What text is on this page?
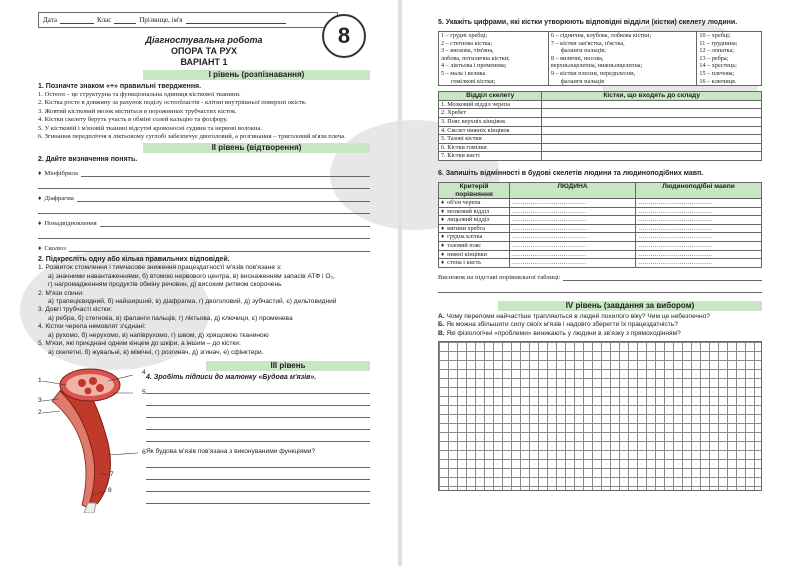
Дата	Клас	Прізвище, ім'я
8
Діагностувальна робота
ОПОРА ТА РУХ
ВАРІАНТ 1
I рівень (розпізнавання)
1. Позначте знаком «+» правильні твердження.
1. Остеон – це структурна та функціональна одиниця кісткової тканини.
2. Кістка росте в довжину за рахунок поділу остеобластів - клітин внутрішньої поверхні окістя.
3. Жовтий кістковий мозок міститься в порожнинах трубчастих кісток.
4. Кістки скелету беруть участь в обміні солей кальцію та фосфору.
5. У кістковій і м'язовій тканині відсутні кровоносні судини та нервові волокна.
6. Згинання передпліччя в ліктьовому суглобі забезпечує двоголовий, а розгинання – триголовий м'язи плеча.
II рівень (відтворення)
2. Дайте визначення понять.
♦ Міофібрила
♦ Діафрагма
♦ Понадвідновлення
♦ Сколіоз
2. Підкресліть одну або кілька правильних відповідей.
1. Розвиток стомлення і тимчасове зниження працездатності м'язів пов'язане з:
а) значними навантаженнями, б) втомою нервового центра, в) виснаженням запасів АТФ і O₂,
г) нагромадженням продуктів обміну речовин, д) високим ритмом скорочень
2. М'язи спини:
а) трапецієвидний, б) найширший, в) діафрагма, г) двоголовий, д) зубчастий, є) дельтовидний
3. Довгі трубчасті кістки:
а) ребра, б) стегнова, в) фаланги пальців, г) ліктьова, д) ключиця, є) променева
4. Кістки черепа немовлят з'єднані:
а) рухомо, б) нерухомо, в) напіврухомо, г) швом, д) хрящовою тканиною
5. М'язи, які приєднані одним кінцем до шкіри, а іншим – до кістки:
а) скелетні, б) жувальні, в) мімічні, г) розгинач, д) згинач, е) сфінктери.
4
1
3
2
5
6
7
8
III рівень
4. Зробіть підписи до малюнку «Будова м'язів».
Як будова м'язів пов'язана з виконуваними функціями?
5. Укажіть цифрами, які кістки утворюють відповідні відділи (кістки) скелету людини.
1 – грудні хребці;
2 – стегнова кістка;
3 – вискова, тім'яна,
лобова, потилична кістки;
4 – ліктьова і променева;
5 – мала і велика
гомілкові кістки;

6 – сіднична, клубова, лобкова кістки;
7 – кістки зап'ястка, п'ястка,
фаланги пальців;
8 – виличні, носова,
верхньощелепна, нижньощелепна;
9 – кістки плесни, передплесни,
фаланги пальців

10 – хребці;
11 – груднина;
12 – лопатка;
13 – ребра;
14 – хрестець;
15 – плечова;
16 – ключиця.
Відділ скелету	Кістки, що входять до складу
1. Мозковий відділ черепа	
2. Хребет	
3. Пояс верхніх кінцівок	
4. Скелет нижніх кінцівок	
5. Тазові кістки	
6. Кістки гомілки	
7. Кістки кисті	
6. Запишіть відмінності в будові скелетів людини та людиноподібних мавп.
Критерій порівняння	ЛЮДИНА	Людиноподібні мавпи
♦ об'єм черепа	………………………………	………………………………
♦ мозковий відділ	………………………………	………………………………
♦ лицьовий відділ	………………………………	………………………………
♦ вигини хребта	………………………………	………………………………
♦ грудна клітка	………………………………	………………………………
♦ тазовий пояс	………………………………	………………………………
♦ нижні кінцівки	………………………………	………………………………
♦ стопа і кисть	………………………………	………………………………
Висновок на підставі порівняльної таблиці:
IV рівень (завдання за вибором)
А. Чому переломи найчастіше трапляються в людей похилого віку? Чим це небезпечно?
Б. Як можна збільшити силу своїх м'язів і надовго зберегти їх працездатність?
В. Які фізіологічні «проблеми» виникають у людини в зв'язку з прямоходінням?
